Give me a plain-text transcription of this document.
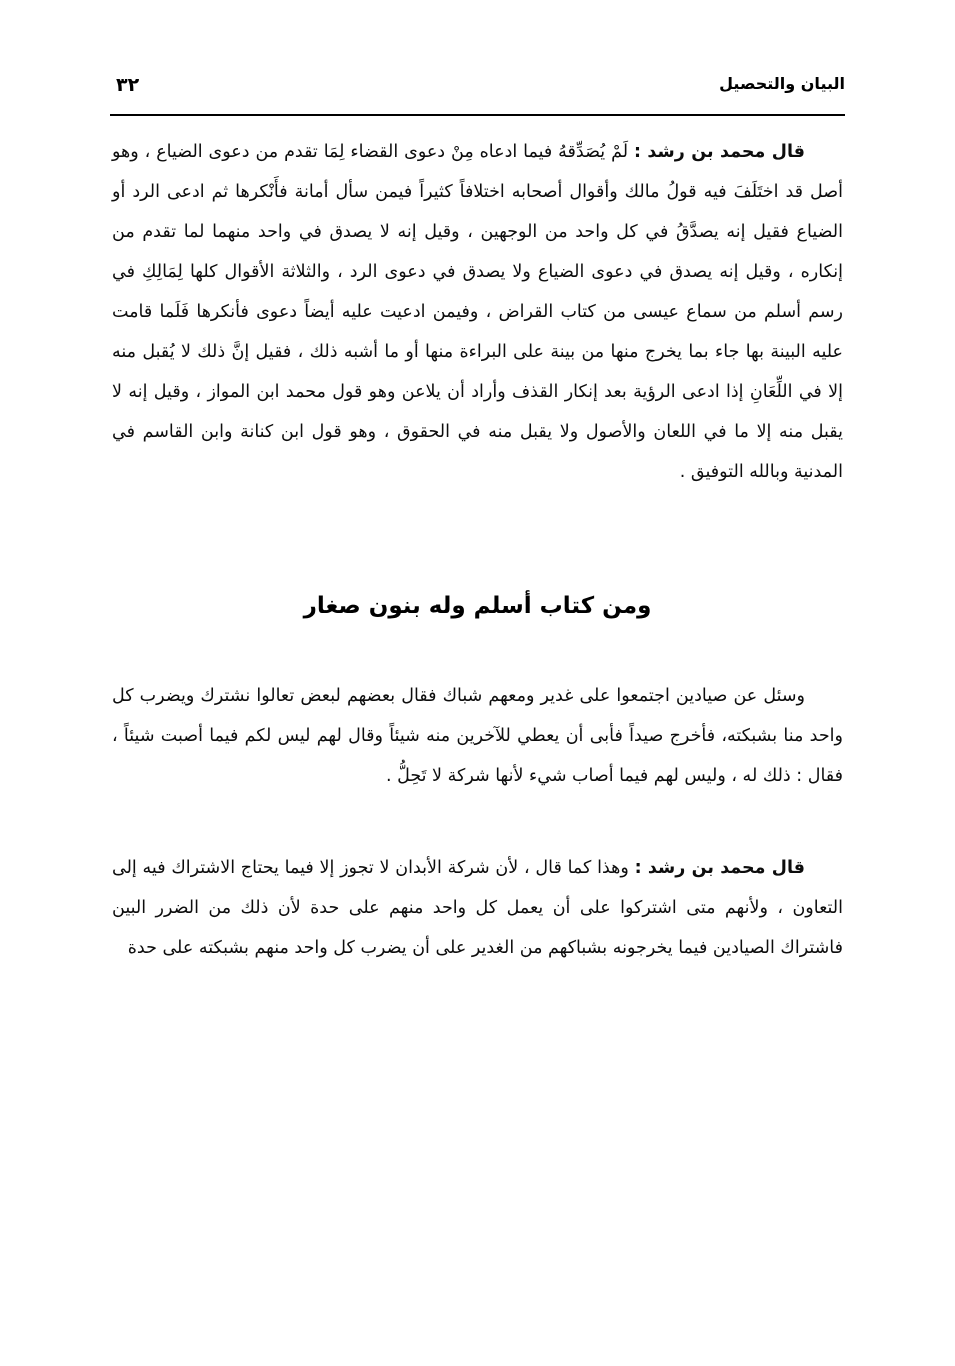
البيان والتحصيل
٣٢

قال محمد بن رشد : لَمْ يُصَدِّقهُ فيما ادعاه مِنْ دعوى القضاء لِمَا تقدم من دعوى الضياع ، وهو أصل قد اختَلَفَ فيه قولُ مالك وأقوال أصحابه اختلافاً كثيراً فيمن سأل أمانة فأَنْكرها ثم ادعى الرد أو الضياع فقيل إنه يصدَّقُ في كل واحد من الوجهين ، وقيل إنه لا يصدق في واحد منهما لما تقدم من إنكاره ، وقيل إنه يصدق في دعوى الضياع ولا يصدق في دعوى الرد ، والثلاثة الأقوال كلها لِمَالِكِ في رسم أسلم من سماع عيسى من كتاب القراض ، وفيمن ادعيت عليه أيضاً دعوى فأنكرها فَلَما قامت عليه البينة بها جاء بما يخرج منها من بينة على البراءة منها أو ما أشبه ذلك ، فقيل إنَّ ذلك لا يُقبل منه إلا في اللِّعَانِ إذا ادعى الرؤية بعد إنكار القذف وأراد أن يلاعن وهو قول محمد ابن المواز ، وقيل إنه لا يقبل منه إلا ما في اللعان والأصول ولا يقبل منه في الحقوق ، وهو قول ابن كنانة وابن القاسم في المدنية وبالله التوفيق .

ومن كتاب أسلم وله بنون صغار

وسئل عن صيادين اجتمعوا على غدير ومعهم شباك فقال بعضهم لبعض تعالوا نشترك ويضرب كل واحد منا بشبكته، فأخرج صيداً فأبى أن يعطي للآخرين منه شيئاً وقال لهم ليس لكم فيما أصبت شيئاً ، فقال : ذلك له ، وليس لهم فيما أصاب شيء لأنها شركة لا تَحِلُّ .

قال محمد بن رشد : وهذا كما قال ، لأن شركة الأبدان لا تجوز إلا فيما يحتاج الاشتراك فيه إلى التعاون ، ولأنهم متى اشتركوا على أن يعمل كل واحد منهم على حدة لأن ذلك من الضرر البين فاشتراك الصيادين فيما يخرجونه بشباكهم من الغدير على أن يضرب كل واحد منهم بشبكته على حدة
